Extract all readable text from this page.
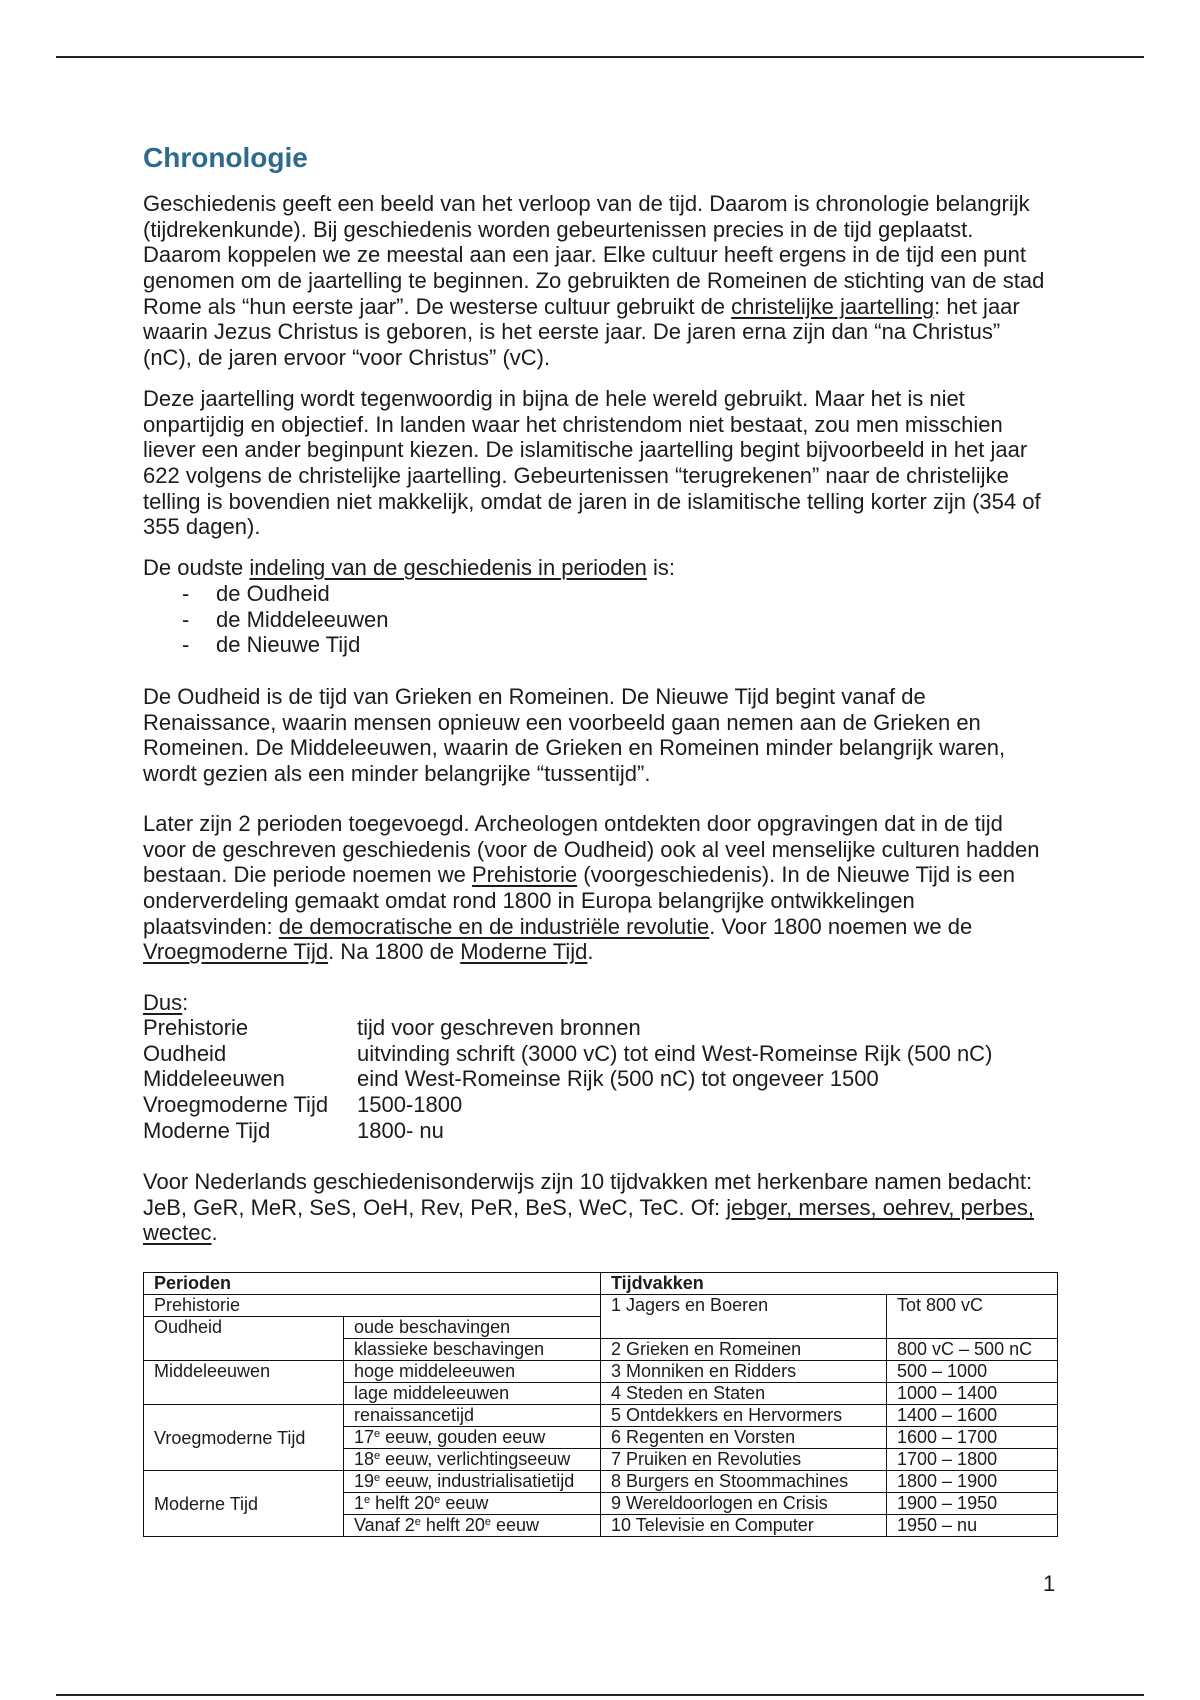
Chronologie
Geschiedenis geeft een beeld van het verloop van de tijd. Daarom is chronologie belangrijk
(tijdrekenkunde). Bij geschiedenis worden gebeurtenissen precies in de tijd geplaatst.
Daarom koppelen we ze meestal aan een jaar. Elke cultuur heeft ergens in de tijd een punt
genomen om de jaartelling te beginnen. Zo gebruikten de Romeinen de stichting van de stad
Rome als “hun eerste jaar”. De westerse cultuur gebruikt de christelijke jaartelling: het jaar
waarin Jezus Christus is geboren, is het eerste jaar. De jaren erna zijn dan “na Christus”
(nC), de jaren ervoor “voor Christus” (vC).
Deze jaartelling wordt tegenwoordig in bijna de hele wereld gebruikt. Maar het is niet
onpartijdig en objectief. In landen waar het christendom niet bestaat, zou men misschien
liever een ander beginpunt kiezen. De islamitische jaartelling begint bijvoorbeeld in het jaar
622 volgens de christelijke jaartelling. Gebeurtenissen “terugrekenen” naar de christelijke
telling is bovendien niet makkelijk, omdat de jaren in de islamitische telling korter zijn (354 of
355 dagen).
De oudste indeling van de geschiedenis in perioden is:
- de Oudheid
- de Middeleeuwen
- de Nieuwe Tijd
De Oudheid is de tijd van Grieken en Romeinen. De Nieuwe Tijd begint vanaf de
Renaissance, waarin mensen opnieuw een voorbeeld gaan nemen aan de Grieken en
Romeinen. De Middeleeuwen, waarin de Grieken en Romeinen minder belangrijk waren,
wordt gezien als een minder belangrijke “tussentijd”.
Later zijn 2 perioden toegevoegd. Archeologen ontdekten door opgravingen dat in de tijd
voor de geschreven geschiedenis (voor de Oudheid) ook al veel menselijke culturen hadden
bestaan. Die periode noemen we Prehistorie (voorgeschiedenis). In de Nieuwe Tijd is een
onderverdeling gemaakt omdat rond 1800 in Europa belangrijke ontwikkelingen
plaatsvinden: de democratische en de industriële revolutie. Voor 1800 noemen we de
Vroegmoderne Tijd. Na 1800 de Moderne Tijd.
Dus:
Prehistorie	tijd voor geschreven bronnen
Oudheid	uitvinding schrift (3000 vC) tot eind West-Romeinse Rijk (500 nC)
Middeleeuwen	eind West-Romeinse Rijk (500 nC) tot ongeveer 1500
Vroegmoderne Tijd 1500-1800
Moderne Tijd	1800- nu
Voor Nederlands geschiedenisonderwijs zijn 10 tijdvakken met herkenbare namen bedacht:
JeB, GeR, MeR, SeS, OeH, Rev, PeR, BeS, WeC, TeC. Of: jebger, merses, oehrev, perbes,
wectec.
Perioden		Tijdvakken	
Prehistorie		1 Jagers en Boeren	Tot 800 vC
Oudheid	oude beschavingen		
	klassieke beschavingen	2 Grieken en Romeinen	800 vC – 500 nC
Middeleeuwen	hoge middeleeuwen	3 Monniken en Ridders	500 – 1000
	lage middeleeuwen	4 Steden en Staten	1000 – 1400
Vroegmoderne Tijd	renaissancetijd	5 Ontdekkers en Hervormers	1400 – 1600
	17e eeuw, gouden eeuw	6 Regenten en Vorsten	1600 – 1700
	18e eeuw, verlichtingseeuw	7 Pruiken en Revoluties	1700 – 1800
Moderne Tijd	19e eeuw, industrialisatietijd	8 Burgers en Stoommachines	1800 – 1900
	1e helft 20e eeuw	9 Wereldoorlogen en Crisis	1900 – 1950
	Vanaf 2e helft 20e eeuw	10 Televisie en Computer	1950 – nu
1
